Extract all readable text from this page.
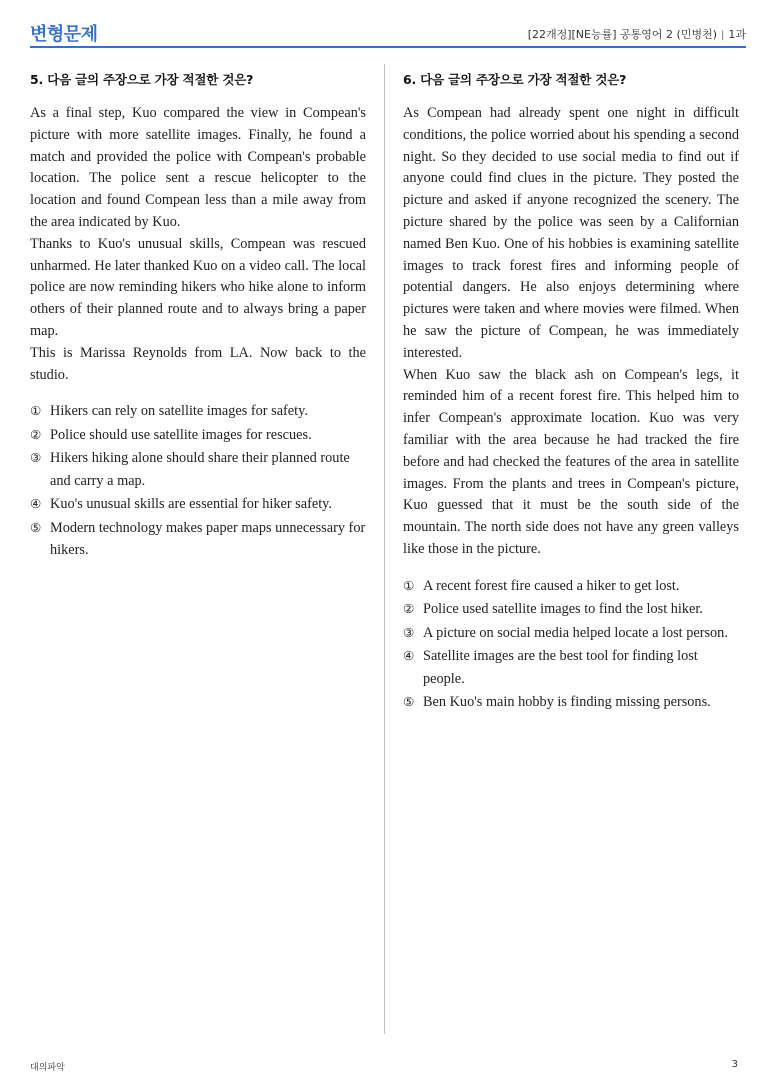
변형문제	[22개정][NE능률] 공통영어 2 (민병천) | 1과
5. 다음 글의 주장으로 가장 적절한 것은?

As a final step, Kuo compared the view in Compean's picture with more satellite images. Finally, he found a match and provided the police with Compean's probable location. The police sent a rescue helicopter to the location and found Compean less than a mile away from the area indicated by Kuo.

Thanks to Kuo's unusual skills, Compean was rescued unharmed. He later thanked Kuo on a video call. The local police are now reminding hikers who hike alone to inform others of their planned route and to always bring a paper map.

This is Marissa Reynolds from LA. Now back to the studio.

① Hikers can rely on satellite images for safety.
② Police should use satellite images for rescues.
③ Hikers hiking alone should share their planned route and carry a map.
④ Kuo's unusual skills are essential for hiker safety.
⑤ Modern technology makes paper maps unnecessary for hikers.
6. 다음 글의 주장으로 가장 적절한 것은?

As Compean had already spent one night in difficult conditions, the police worried about his spending a second night. So they decided to use social media to find out if anyone could find clues in the picture. They posted the picture and asked if anyone recognized the scenery. The picture shared by the police was seen by a Californian named Ben Kuo. One of his hobbies is examining satellite images to track forest fires and informing people of potential dangers. He also enjoys determining where pictures were taken and where movies were filmed. When he saw the picture of Compean, he was immediately interested.

When Kuo saw the black ash on Compean's legs, it reminded him of a recent forest fire. This helped him to infer Compean's approximate location. Kuo was very familiar with the area because he had tracked the fire before and had checked the features of the area in satellite images. From the plants and trees in Compean's picture, Kuo guessed that it must be the south side of the mountain. The north side does not have any green valleys like those in the picture.

① A recent forest fire caused a hiker to get lost.
② Police used satellite images to find the lost hiker.
③ A picture on social media helped locate a lost person.
④ Satellite images are the best tool for finding lost people.
⑤ Ben Kuo's main hobby is finding missing persons.
대의파악	3
